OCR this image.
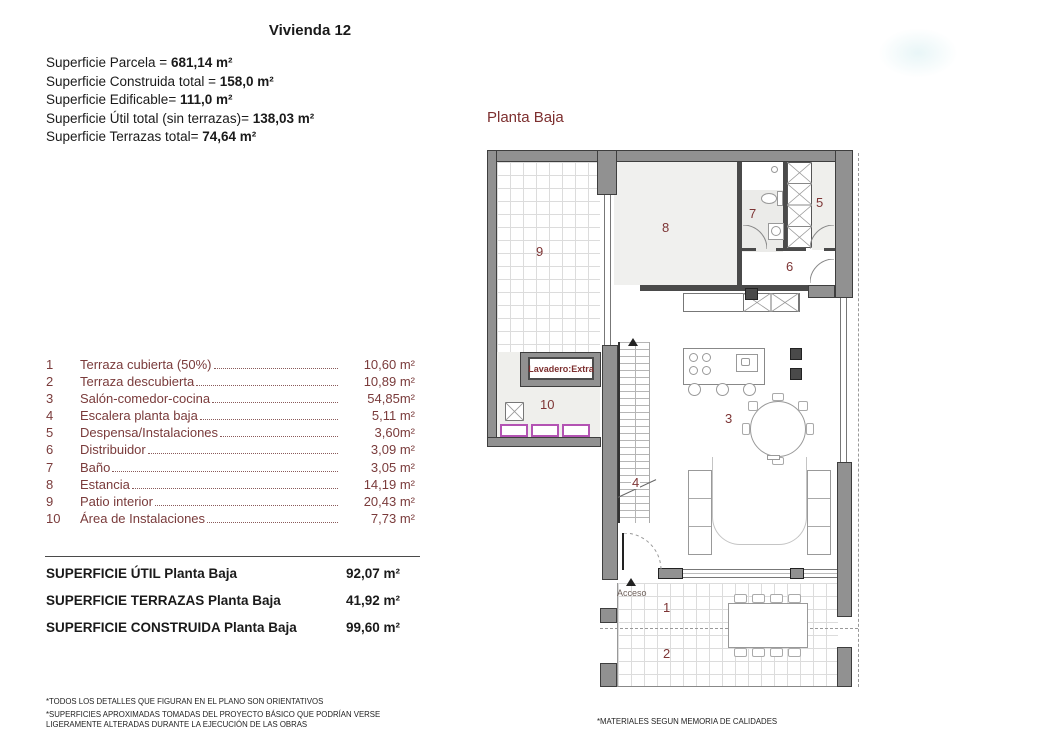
Vivienda 12
Superficie Parcela = 681,14 m²
Superficie Construida total = 158,0 m²
Superficie Edificable= 111,0 m²
Superficie Útil total (sin terrazas)= 138,03 m²
Superficie Terrazas total= 74,64 m²
Planta Baja
1	Terraza cubierta (50%)	10,60 m²
2	Terraza descubierta	10,89 m²
3	Salón-comedor-cocina	54,85m²
4	Escalera planta baja	5,11 m²
5	Despensa/Instalaciones	3,60m²
6	Distribuidor	3,09 m²
7	Baño	3,05 m²
8	Estancia	14,19 m²
9	Patio interior	20,43 m²
10	Área de Instalaciones	7,73 m²
SUPERFICIE ÚTIL Planta Baja	92,07 m²
SUPERFICIE TERRAZAS Planta Baja	41,92 m²
SUPERFICIE CONSTRUIDA Planta Baja	99,60 m²
*TODOS LOS DETALLES QUE FIGURAN EN EL PLANO SON ORIENTATIVOS
*SUPERFICIES APROXIMADAS TOMADAS DEL PROYECTO BÁSICO QUE PODRÍAN VERSE LIGERAMENTE ALTERADAS DURANTE LA EJECUCIÓN DE LAS OBRAS	*MATERIALES SEGUN MEMORIA DE CALIDADES
Lavadero:Extra
Acceso
9
8
7
5
6
10
3
4
1
2
